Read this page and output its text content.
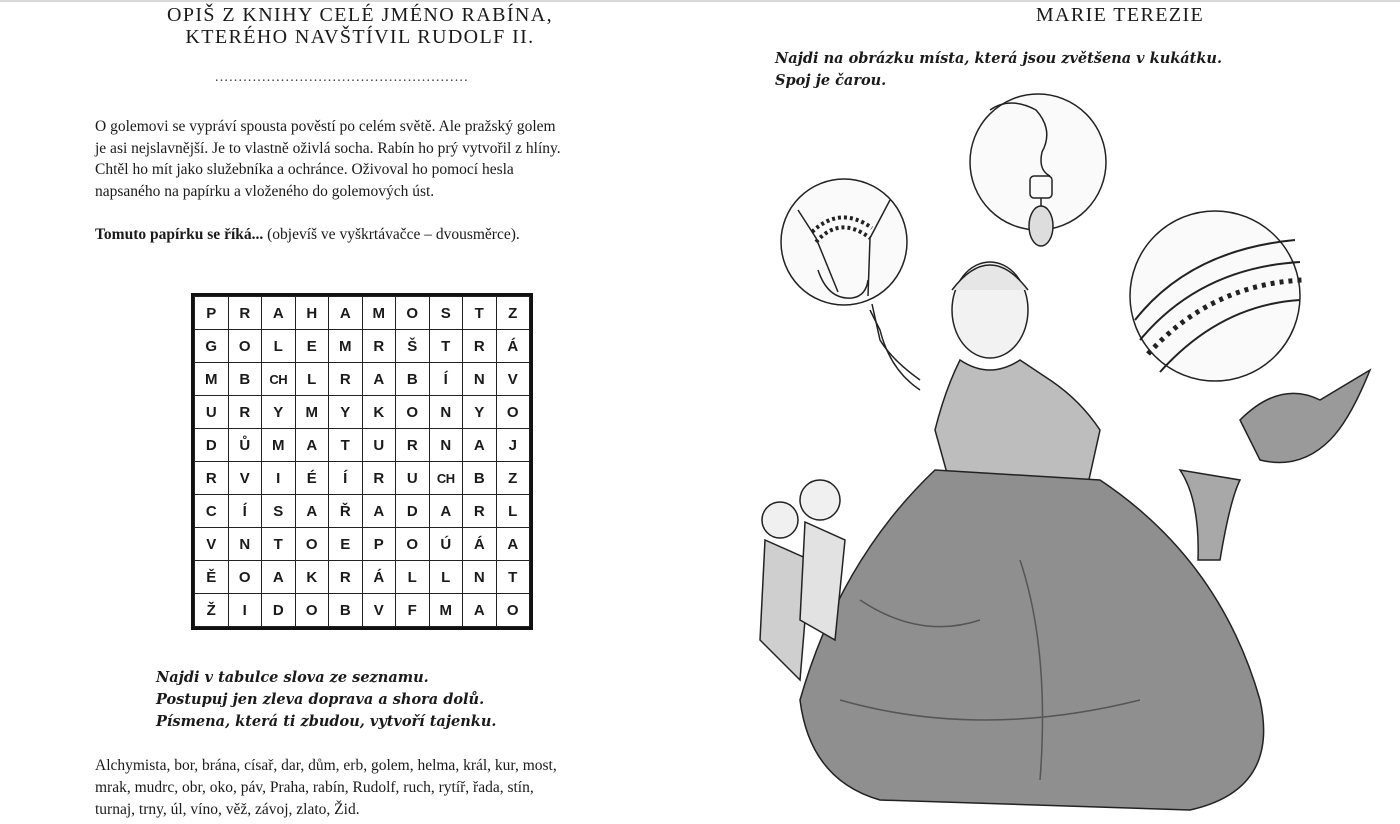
OPIŠ Z KNIHY CELÉ JMÉNO RABÍNA,
KTERÉHO NAVŠTÍVIL RUDOLF II.
......................................................

O golemovi se vypráví spousta pověstí po celém světě. Ale pražský golem

je asi nejslavnější. Je to vlastně oživlá socha. Rabín ho prý vytvořil z hlíny.

Chtěl ho mít jako služebníka a ochránce. Oživoval ho pomocí hesla

napsaného na papírku a vloženého do golemových úst.

Tomuto papírku se říká... (objevíš ve vyškrtávačce – dvousměrce).
P	R	A	H	A	M	O	S	T	Z
G	O	L	E	M	R	Š	T	R	Á
M	B	CH	L	R	A	B	Í	N	V
U	R	Y	M	Y	K	O	N	Y	O
D	Ů	M	A	T	U	R	N	A	J
R	V	I	É	Í	R	U	CH	B	Z
C	Í	S	A	Ř	A	D	A	R	L
V	N	T	O	E	P	O	Ú	Á	A
Ě	O	A	K	R	Á	L	L	N	T
Ž	I	D	O	B	V	F	M	A	O
Najdi v tabulce slova ze seznamu.
Postupuj jen zleva doprava a shora dolů.
Písmena, která ti zbudou, vytvoří tajenku.
Alchymista, bor, brána, císař, dar, dům, erb, golem, helma, král, kur, most,
mrak, mudrc, obr, oko, páv, Praha, rabín, Rudolf, ruch, rytíř, řada, stín,
turnaj, trny, úl, víno, věž, závoj, zlato, Žid.
MARIE TEREZIE
Najdi na obrázku místa, která jsou zvětšena v kukátku.
Spoj je čarou.
